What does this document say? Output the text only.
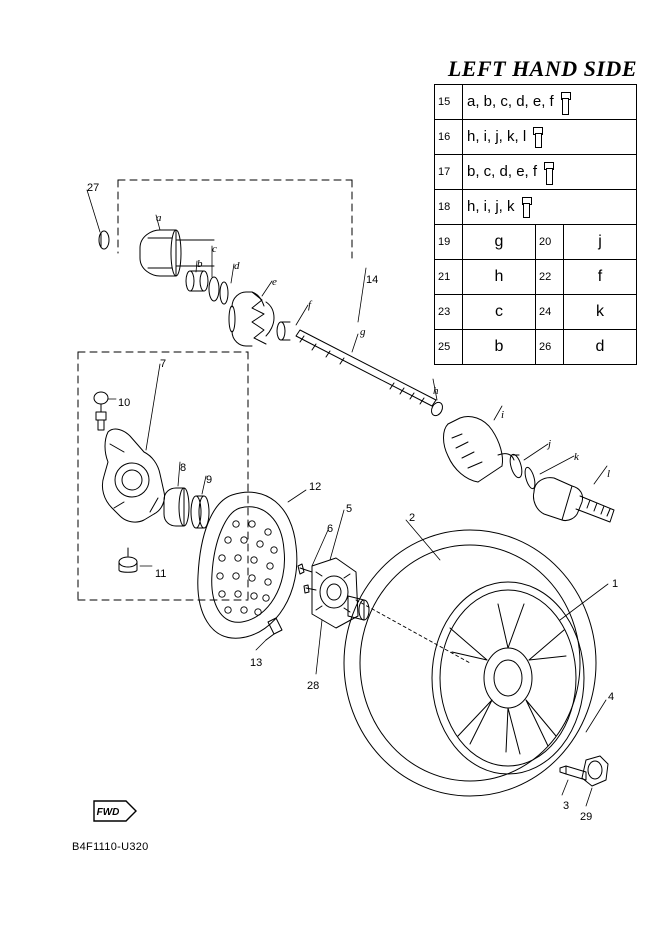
LEFT HAND SIDE
15	a, b, c, d, e, f		
16	h, i, j, k, l		
17	b, c, d, e, f		
18	h, i, j, k		
19	g	20	j
21	h	22	f
23	c	24	k
25	b	26	d
1
2
3
4
5
6
7
8
9
10
11
12
13
14
27
28
29
a
b
c
d
e
f
g
h
i
j
k
l
FWD
B4F1110-U320
